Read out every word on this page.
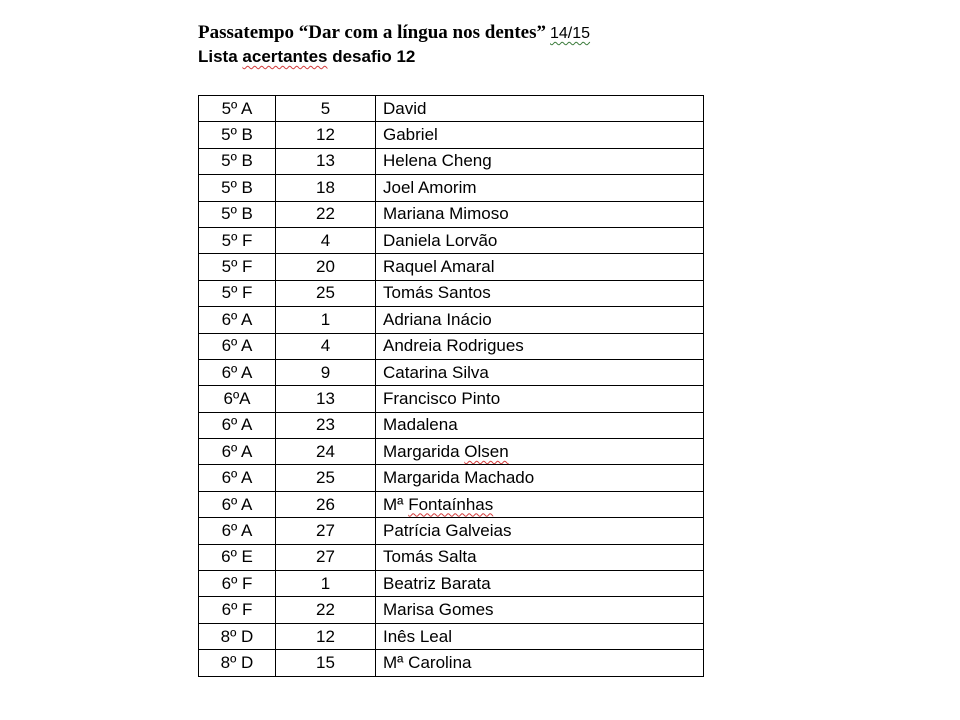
Passatempo “Dar com a língua nos dentes” 14/15
Lista acertantes desafio 12
5º A	5	David
5º B	12	Gabriel
5º B	13	Helena Cheng
5º B	18	Joel Amorim
5º B	22	Mariana Mimoso
5º F	4	Daniela Lorvão
5º F	20	Raquel Amaral
5º F	25	Tomás Santos
6º A	1	Adriana Inácio
6º A	4	Andreia Rodrigues
6º A	9	Catarina Silva
6ºA	13	Francisco Pinto
6º A	23	Madalena
6º A	24	Margarida Olsen
6º A	25	Margarida Machado
6º A	26	Mª Fontaínhas
6º A	27	Patrícia Galveias
6º E	27	Tomás Salta
6º F	1	Beatriz Barata
6º F	22	Marisa Gomes
8º D	12	Inês Leal
8º D	15	Mª Carolina
